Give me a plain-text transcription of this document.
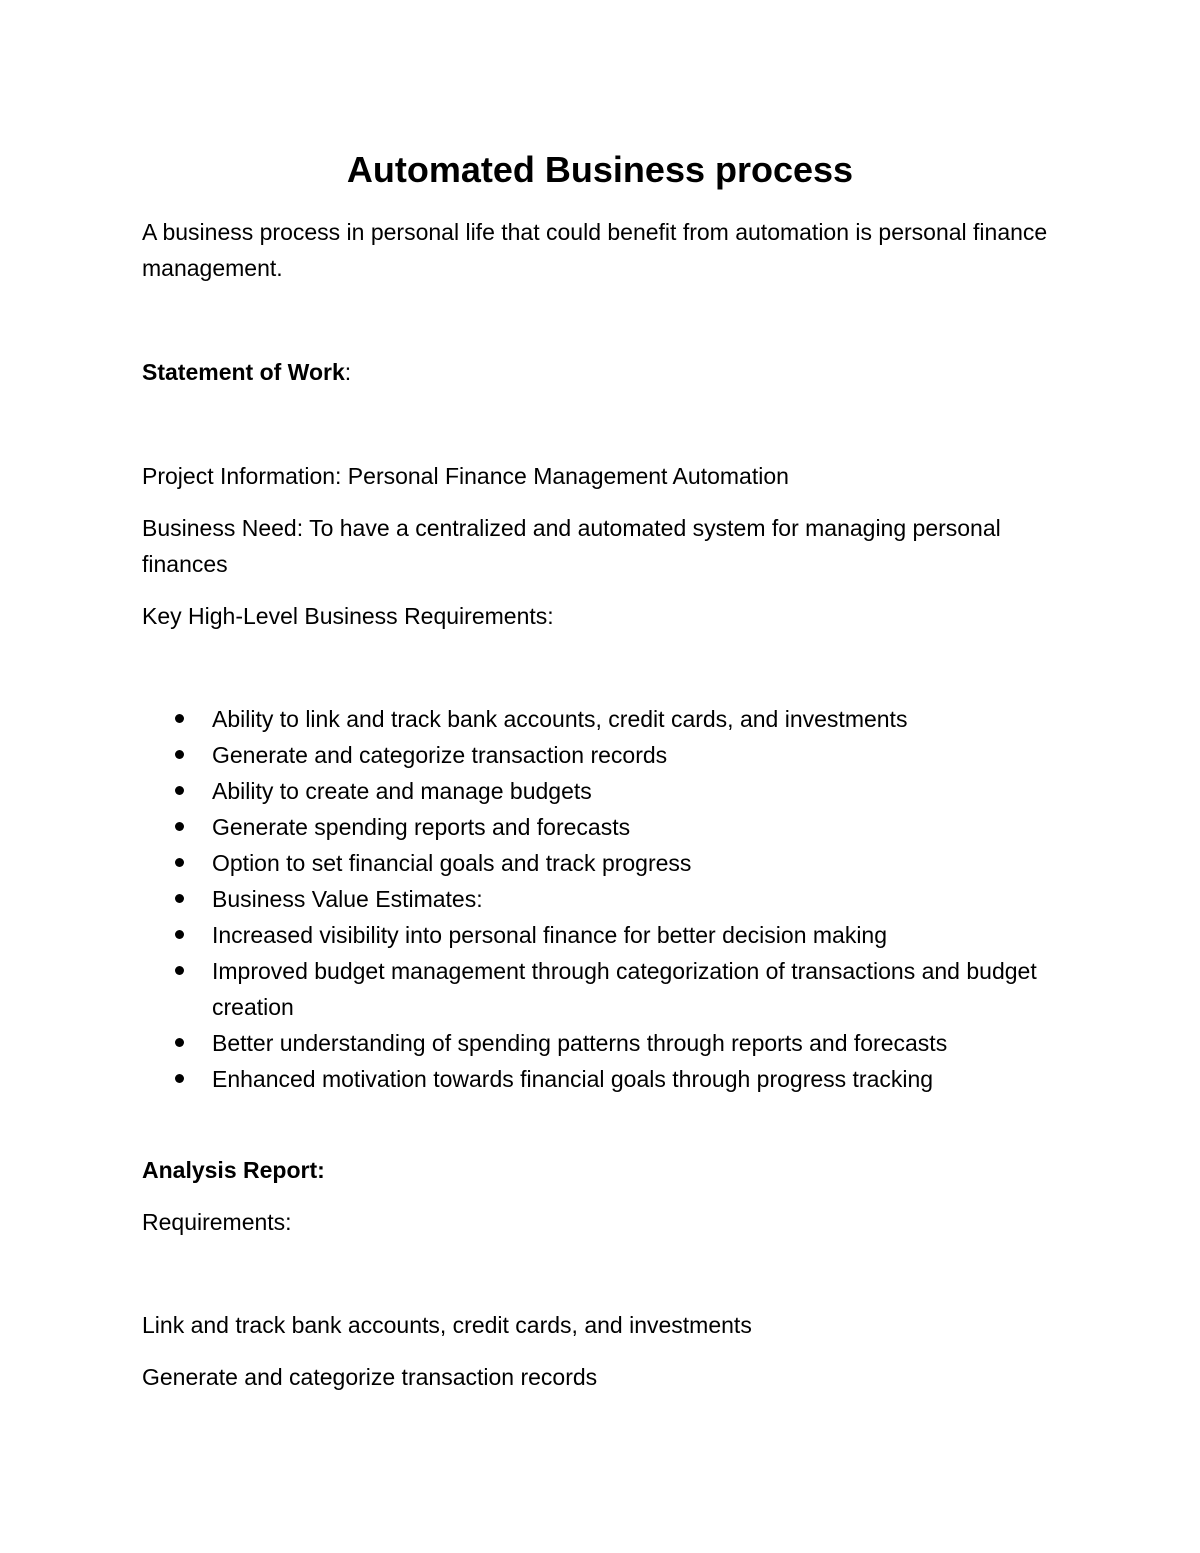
Automated Business process

A business process in personal life that could benefit from automation is personal finance management.

Statement of Work:

Project Information: Personal Finance Management Automation

Business Need: To have a centralized and automated system for managing personal finances

Key High-Level Business Requirements:

Ability to link and track bank accounts, credit cards, and investments
Generate and categorize transaction records
Ability to create and manage budgets
Generate spending reports and forecasts
Option to set financial goals and track progress
Business Value Estimates:
Increased visibility into personal finance for better decision making
Improved budget management through categorization of transactions and budget creation
Better understanding of spending patterns through reports and forecasts
Enhanced motivation towards financial goals through progress tracking

Analysis Report:

Requirements:

Link and track bank accounts, credit cards, and investments

Generate and categorize transaction records
